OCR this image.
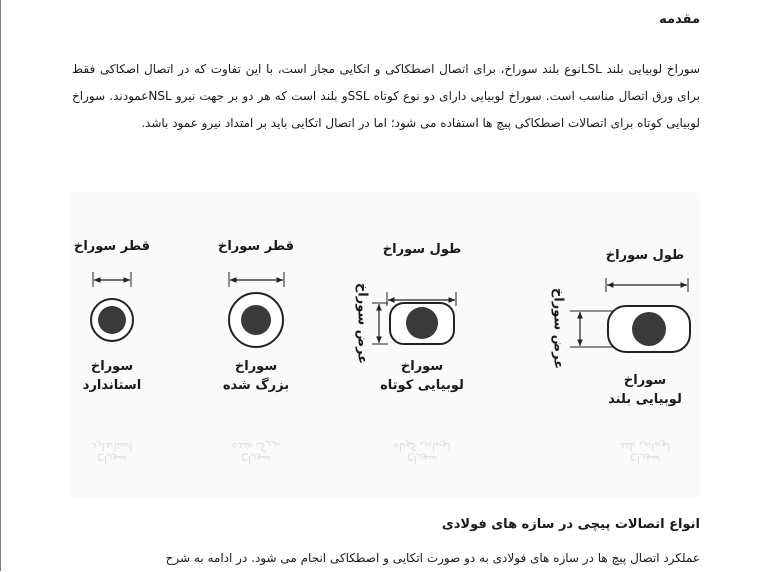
مقدمه

سوراخ لوبیایی بلند LSLنوع بلند سوراخ، برای اتصال اصطکاکی و اتکایی مجاز است، با این تفاوت که در اتصال اصکاکی فقط برای ورق اتصال مناسب است. سوراخ لوبیایی دارای دو نوع کوتاه SSLو بلند است که هر دو بر جهت نیرو NSLعمودند. سوراخ لوبیایی کوتاه برای اتصالات اصطکاکی پیچ ها استفاده می شود؛ اما در اتصال اتکایی باید بر امتداد نیرو عمود باشد.

قطر سوراخ	قطر سوراخ	طول سوراخ	طول سوراخ
عرض سوراخ	عرض سوراخ
سوراخ
استاندارد
سوراخ
بزرگ شده
سوراخ
لوبیایی کوتاه	سوراخ
لوبیایی بلند
سوراخ
استاندارد
سوراخ
بزرگ شده
سوراخ
لوبیایی کوتاه
سوراخ
لوبیایی بلند
انواع اتصالات پیچی در سازه های فولادی

عملکرد اتصال پیچ ها در سازه های فولادی به دو صورت اتکایی و اصطکاکی انجام می شود. در ادامه به شرح
